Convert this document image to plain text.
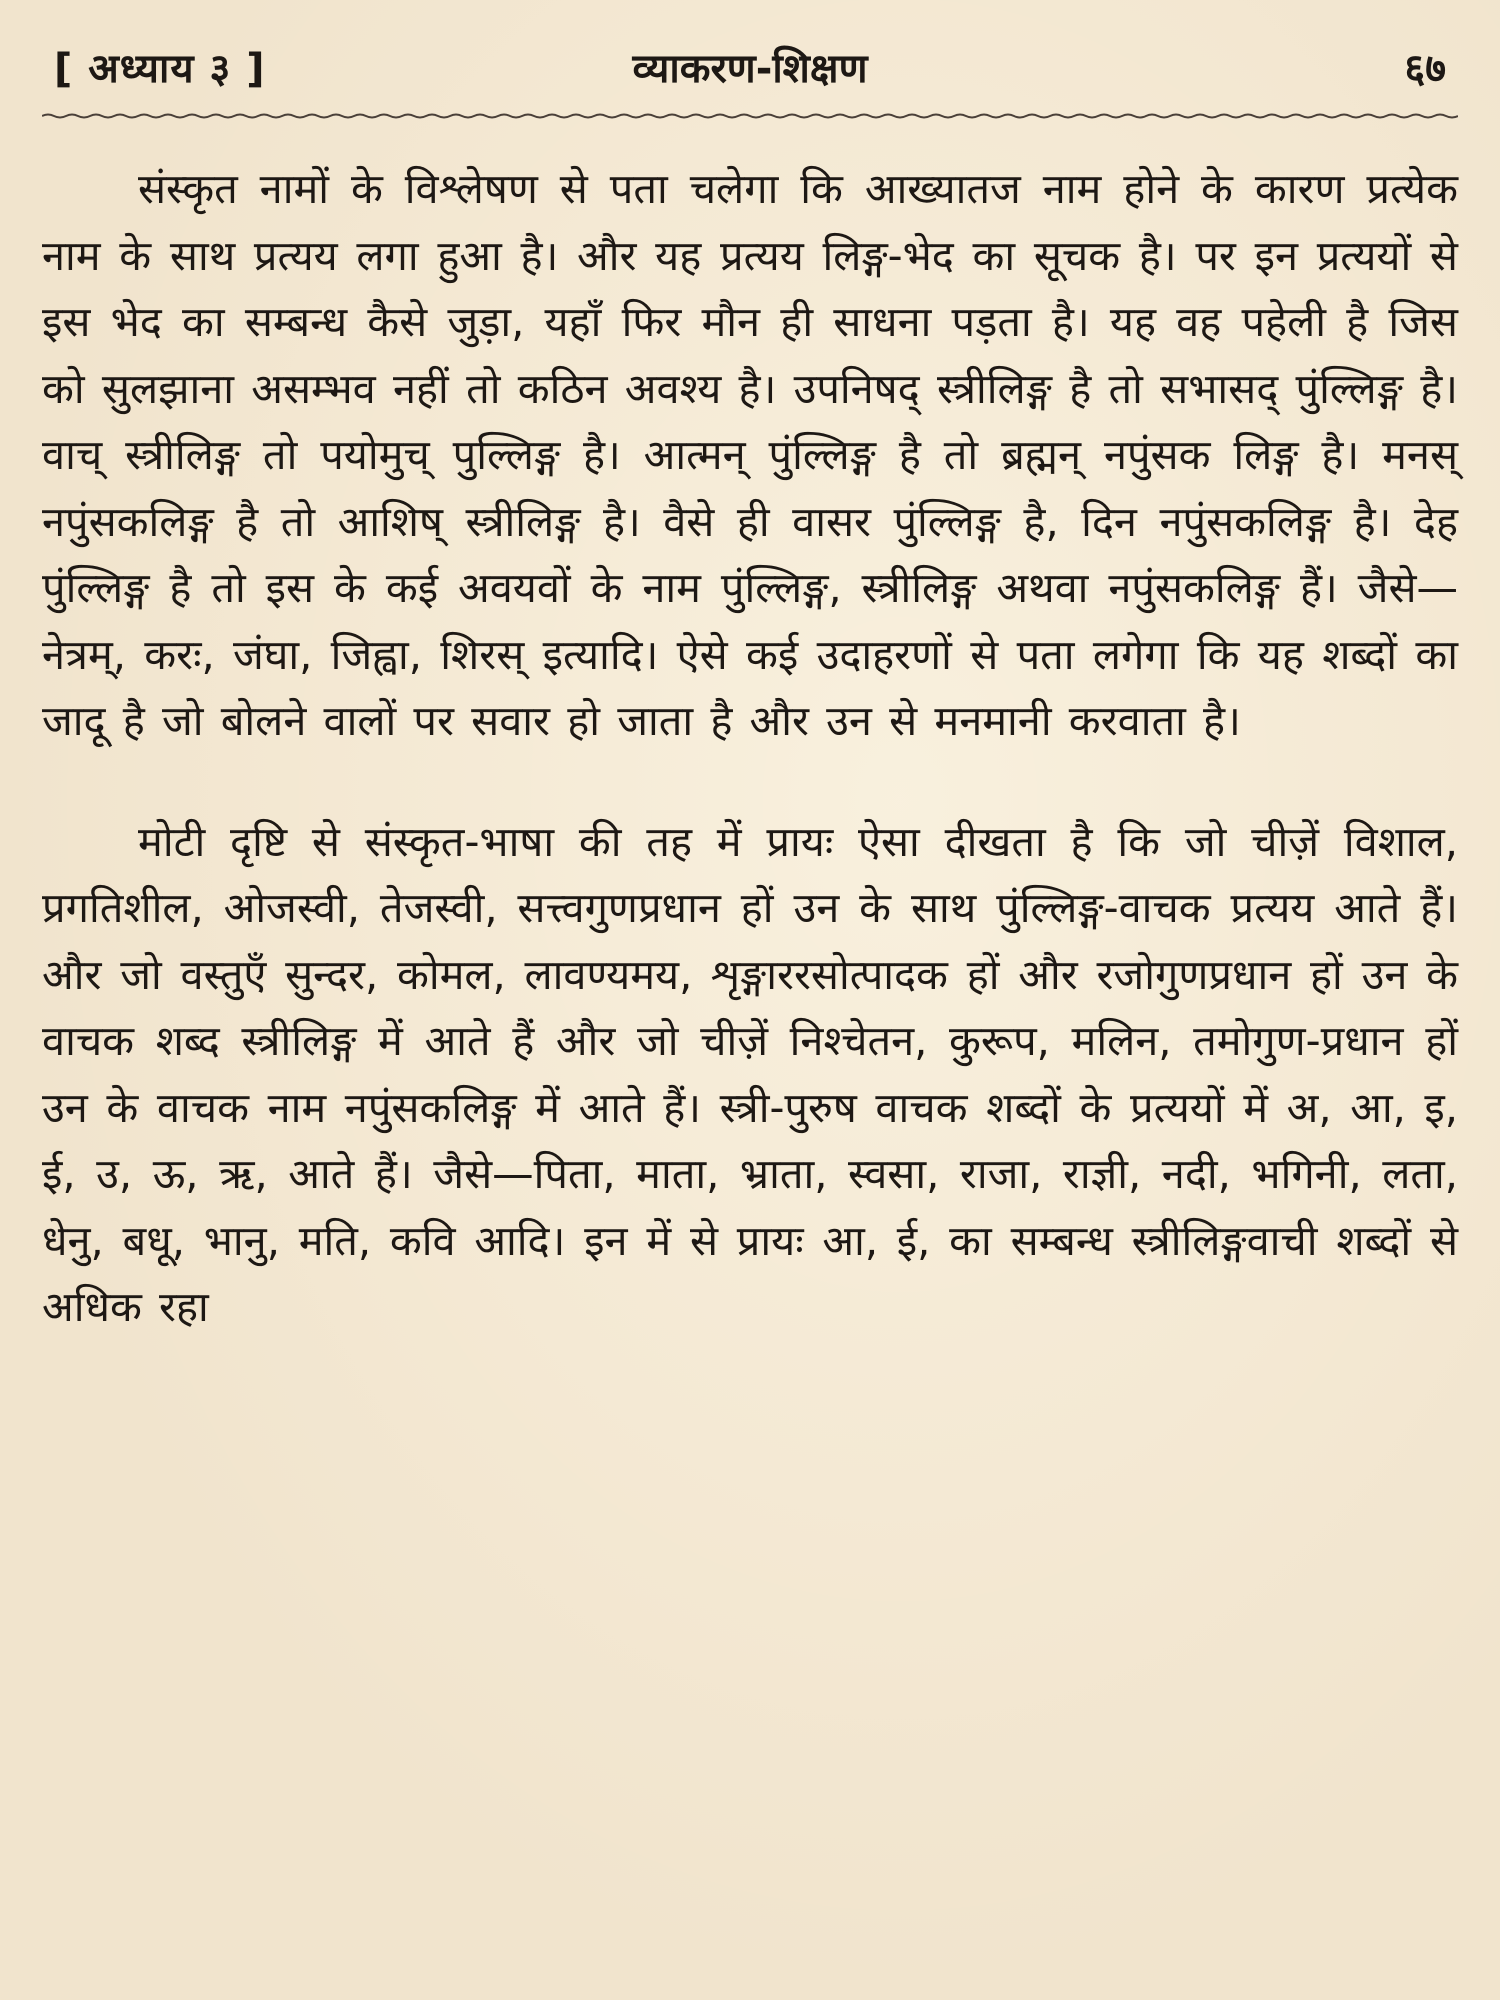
[ अध्याय ३ ]	व्याकरण-शिक्षण	६७

संस्कृत नामों के विश्लेषण से पता चलेगा कि आख्यातज नाम होने के कारण प्रत्येक नाम के साथ प्रत्यय लगा हुआ है। और यह प्रत्यय लिङ्ग-भेद का सूचक है। पर इन प्रत्ययों से इस भेद का सम्बन्ध कैसे जुड़ा, यहाँ फिर मौन ही साधना पड़ता है। यह वह पहेली है जिस को सुलझाना असम्भव नहीं तो कठिन अवश्य है। उपनिषद् स्त्रीलिङ्ग है तो सभासद् पुंल्लिङ्ग है। वाच् स्त्रीलिङ्ग तो पयोमुच् पुल्लिङ्ग है। आत्मन् पुंल्लिङ्ग है तो ब्रह्मन् नपुंसक लिङ्ग है। मनस् नपुंसकलिङ्ग है तो आशिष् स्त्रीलिङ्ग है। वैसे ही वासर पुंल्लिङ्ग है, दिन नपुंसकलिङ्ग है। देह पुंल्लिङ्ग है तो इस के कई अवयवों के नाम पुंल्लिङ्ग, स्त्रीलिङ्ग अथवा नपुंसकलिङ्ग हैं। जैसे—नेत्रम्, करः, जंघा, जिह्वा, शिरस् इत्यादि। ऐसे कई उदाहरणों से पता लगेगा कि यह शब्दों का जादू है जो बोलने वालों पर सवार हो जाता है और उन से मनमानी करवाता है।

मोटी दृष्टि से संस्कृत-भाषा की तह में प्रायः ऐसा दीखता है कि जो चीज़ें विशाल, प्रगतिशील, ओजस्वी, तेजस्वी, सत्त्वगुणप्रधान हों उन के साथ पुंल्लिङ्ग-वाचक प्रत्यय आते हैं। और जो वस्तुएँ सुन्दर, कोमल, लावण्यमय, शृङ्गाररसोत्पादक हों और रजोगुणप्रधान हों उन के वाचक शब्द स्त्रीलिङ्ग में आते हैं और जो चीज़ें निश्चेतन, कुरूप, मलिन, तमोगुण-प्रधान हों उन के वाचक नाम नपुंसकलिङ्ग में आते हैं। स्त्री-पुरुष वाचक शब्दों के प्रत्ययों में अ, आ, इ, ई, उ, ऊ, ऋ, आते हैं। जैसे—पिता, माता, भ्राता, स्वसा, राजा, राज्ञी, नदी, भगिनी, लता, धेनु, बधू, भानु, मति, कवि आदि। इन में से प्रायः आ, ई, का सम्बन्ध स्त्रीलिङ्गवाची शब्दों से अधिक रहा
